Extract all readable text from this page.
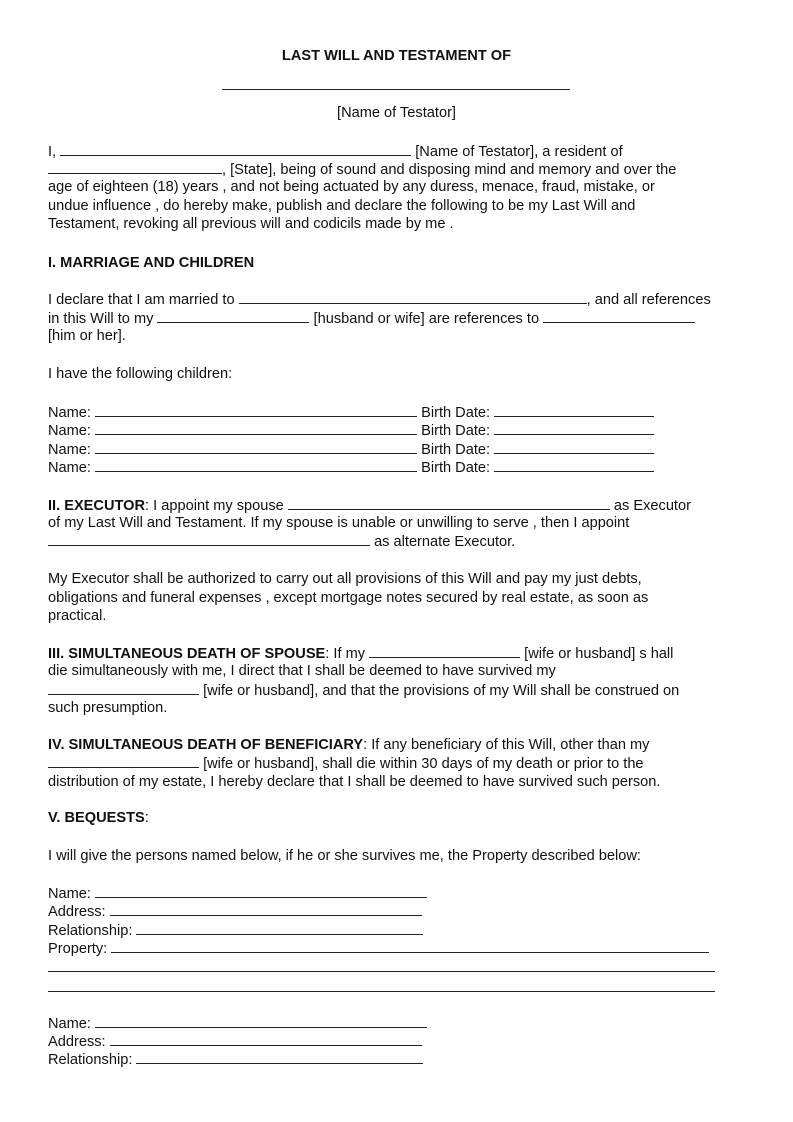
LAST WILL AND TESTAMENT OF
[Name of Testator]
I,	[Name of Testator], a resident of
, [State], being of sound and disposing mind and memory and over the
age of eighteen (18) years , and not being actuated by any duress, menace, fraud, mistake, or
undue influence , do hereby make, publish and declare the following to be my Last Will and
Testament, revoking all previous will and codicils made by me .
I. MARRIAGE AND CHILDREN
I declare that I am married to	, and all references
in this Will to my	[husband or wife] are references to
[him or her].
I have the following children:
Name:	Birth Date:
Name:	Birth Date:
Name:	Birth Date:
Name:	Birth Date:
II. EXECUTOR: I appoint my spouse	as Executor
of my Last Will and Testament. If my spouse is unable or unwilling to serve , then I appoint
as alternate Executor.
My Executor shall be authorized to carry out all provisions of this Will and pay my just debts,
obligations and funeral expenses , except mortgage notes secured by real estate, as soon as
practical.
III. SIMULTANEOUS DEATH OF SPOUSE: If my	[wife or husband] s hall
die simultaneously with me, I direct that I shall be deemed to have survived my
[wife or husband], and that the provisions of my Will shall be construed on
such presumption.
IV. SIMULTANEOUS DEATH OF BENEFICIARY: If any beneficiary of this Will, other than my
[wife or husband], shall die within 30 days of my death or prior to the
distribution of my estate, I hereby declare that I shall be deemed to have survived such person.
V. BEQUESTS:
I will give the persons named below, if he or she survives me, the Property described below:
Name:
Address:
Relationship:
Property:
Name:
Address:
Relationship:
